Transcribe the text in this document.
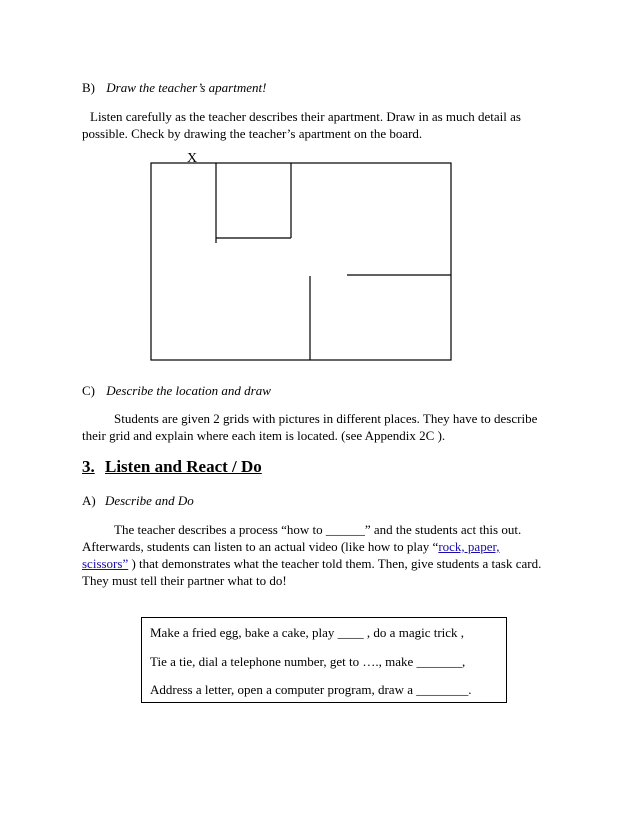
B) Draw the teacher’s apartment!
Listen carefully as the teacher describes their apartment. Draw in as much detail as possible. Check by drawing the teacher’s apartment on the board.
X
C) Describe the location and draw
Students are given 2 grids with pictures in different places. They have to describe their grid and explain where each item is located. (see Appendix 2C ).
3. Listen and React / Do
A) Describe and Do
The teacher describes a process “how to ______” and the students act this out. Afterwards, students can listen to an actual video (like how to play “rock, paper, scissors” ) that demonstrates what the teacher told them. Then, give students a task card. They must tell their partner what to do!
Make a fried egg, bake a cake, play ____ , do a magic trick ,
Tie a tie, dial a telephone number, get to …., make _______,
Address a letter, open a computer program, draw a ________.
